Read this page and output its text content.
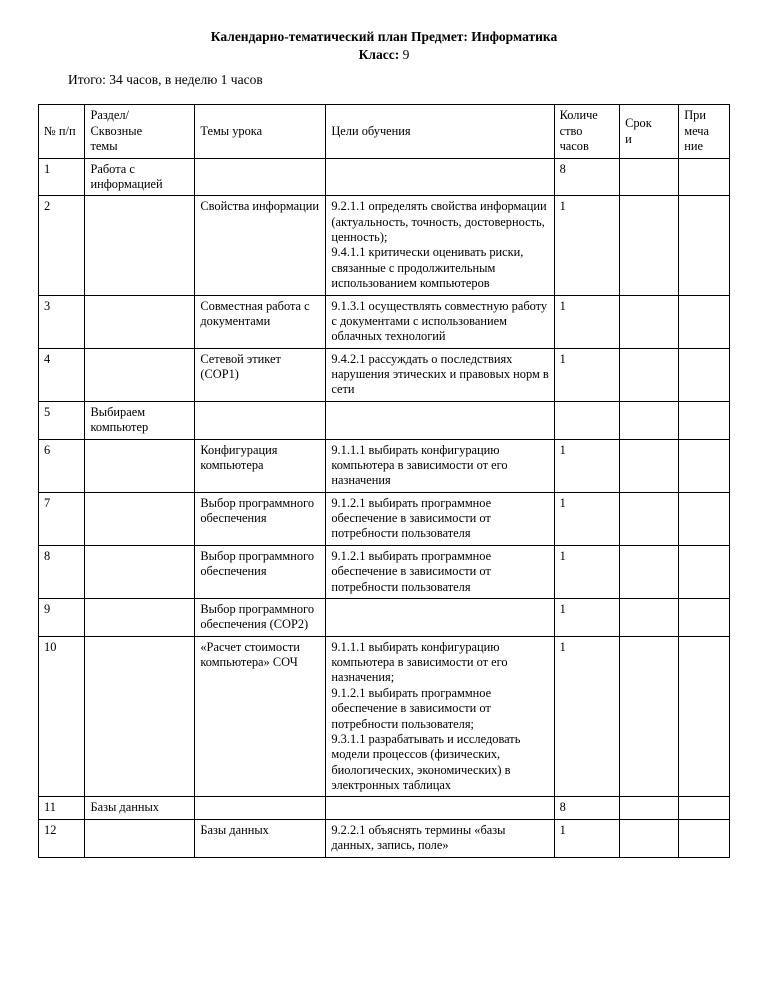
Календарно-тематический план Предмет: Информатика
Класс: 9
Итого: 34 часов, в неделю 1 часов
№ п/п	Раздел/
Сквозные
темы	Темы урока	Цели обучения	Количе
ство
часов	Срок
и	При
меча
ние

1	Работа с информацией			8		
2		Свойства информации	9.2.1.1 определять свойства информации (актуальность, точность, достоверность, ценность);
9.4.1.1 критически оценивать риски, связанные с продолжительным использованием компьютеров	1		
3		Совместная работа с документами	9.1.3.1 осуществлять совместную работу с документами с использованием облачных технологий	1		
4		Сетевой этикет (СОР1)	9.4.2.1 рассуждать о последствиях нарушения этических и правовых норм в сети	1		
5	Выбираем компьютер					
6		Конфигурация компьютера	9.1.1.1 выбирать конфигурацию компьютера в зависимости от его назначения	1		
7		Выбор программного обеспечения	9.1.2.1 выбирать программное обеспечение в зависимости от потребности пользователя	1		
8		Выбор программного обеспечения	9.1.2.1 выбирать программное обеспечение в зависимости от потребности пользователя	1		
9		Выбор программного обеспечения (СОР2)		1		
10		«Расчет стоимости компьютера» СОЧ	9.1.1.1 выбирать конфигурацию компьютера в зависимости от его назначения;
9.1.2.1 выбирать программное обеспечение в зависимости от потребности пользователя;
9.3.1.1 разрабатывать и исследовать модели процессов (физических, биологических, экономических) в электронных таблицах	1		
11	Базы данных			8		
12		Базы данных	9.2.2.1 объяснять термины «базы данных, запись, поле»	1		
